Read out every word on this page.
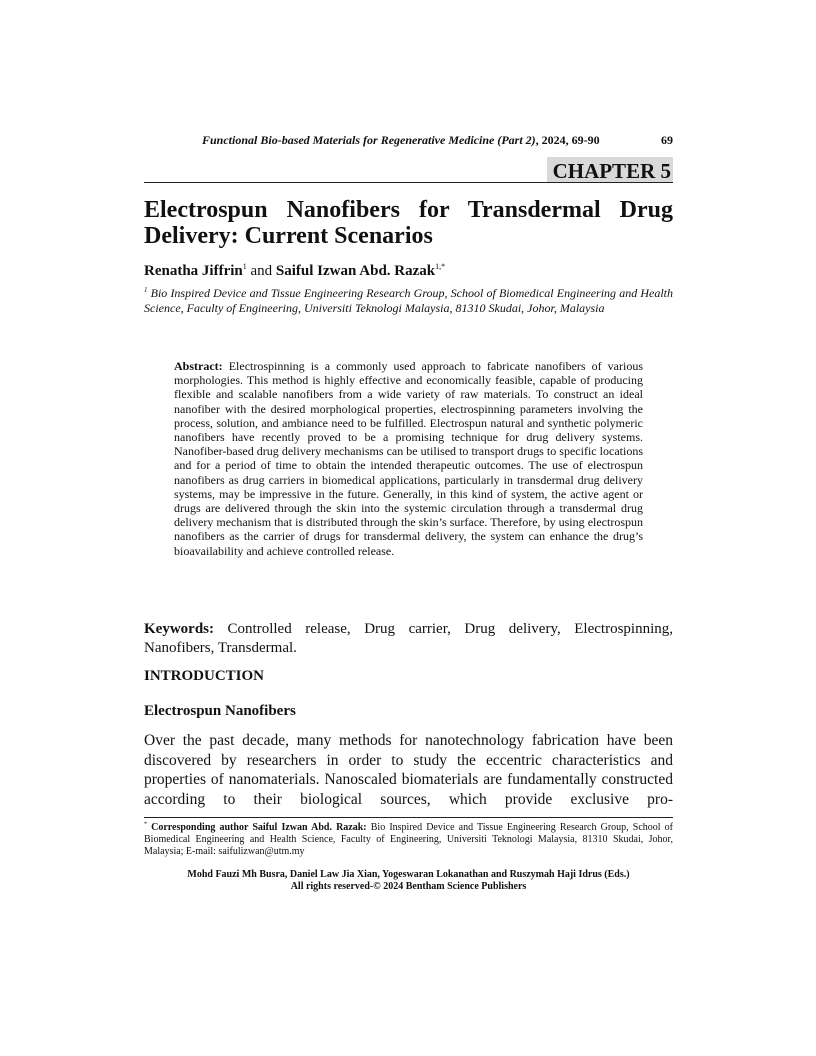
Functional Bio-based Materials for Regenerative Medicine (Part 2), 2024, 69-90	69
CHAPTER 5
Electrospun Nanofibers for Transdermal Drug Delivery: Current Scenarios
Renatha Jiffrin$^1$ and Saiful Izwan Abd. Razak$^{1,*}$
$^1$ Bio Inspired Device and Tissue Engineering Research Group, School of Biomedical Engineering and Health Science, Faculty of Engineering, Universiti Teknologi Malaysia, 81310 Skudai, Johor, Malaysia
Abstract: Electrospinning is a commonly used approach to fabricate nanofibers of various morphologies. This method is highly effective and economically feasible, capable of producing flexible and scalable nanofibers from a wide variety of raw materials. To construct an ideal nanofiber with the desired morphological properties, electrospinning parameters involving the process, solution, and ambiance need to be fulfilled. Electrospun natural and synthetic polymeric nanofibers have recently proved to be a promising technique for drug delivery systems. Nanofiber-based drug delivery mechanisms can be utilised to transport drugs to specific locations and for a period of time to obtain the intended therapeutic outcomes. The use of electrospun nanofibers as drug carriers in biomedical applications, particularly in transdermal drug delivery systems, may be impressive in the future. Generally, in this kind of system, the active agent or drugs are delivered through the skin into the systemic circulation through a transdermal drug delivery mechanism that is distributed through the skin’s surface. Therefore, by using electrospun nanofibers as the carrier of drugs for transdermal delivery, the system can enhance the drug’s bioavailability and achieve controlled release.
Keywords: Controlled release, Drug carrier, Drug delivery, Electrospinning, Nanofibers, Transdermal.
INTRODUCTION
Electrospun Nanofibers
Over the past decade, many methods for nanotechnology fabrication have been discovered by researchers in order to study the eccentric characteristics and properties of nanomaterials. Nanoscaled biomaterials are fundamentally constructed according to their biological sources, which provide exclusive pro-
* Corresponding author Saiful Izwan Abd. Razak: Bio Inspired Device and Tissue Engineering Research Group, School of Biomedical Engineering and Health Science, Faculty of Engineering, Universiti Teknologi Malaysia, 81310 Skudai, Johor, Malaysia; E-mail: saifulizwan@utm.my
Mohd Fauzi Mh Busra, Daniel Law Jia Xian, Yogeswaran Lokanathan and Ruszymah Haji Idrus (Eds.)
All rights reserved-© 2024 Bentham Science Publishers
